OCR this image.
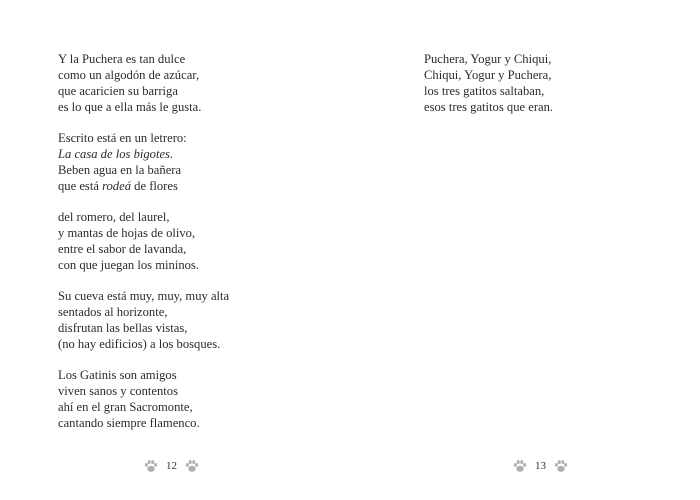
Y la Puchera es tan dulce
como un algodón de azúcar,
que acaricien su barriga
es lo que a ella más le gusta.
Escrito está en un letrero:
La casa de los bigotes.
Beben agua en la bañera
que está rodeá de flores
del romero, del laurel,
y mantas de hojas de olivo,
entre el sabor de lavanda,
con que juegan los mininos.
Su cueva está muy, muy, muy alta
sentados al horizonte,
disfrutan las bellas vistas,
(no hay edificios) a los bosques.
Los Gatinis son amigos
viven sanos y contentos
ahí en el gran Sacromonte,
cantando siempre flamenco.
12
Puchera, Yogur y Chiqui,
Chiqui, Yogur y Puchera,
los tres gatitos saltaban,
esos tres gatitos que eran.
13
